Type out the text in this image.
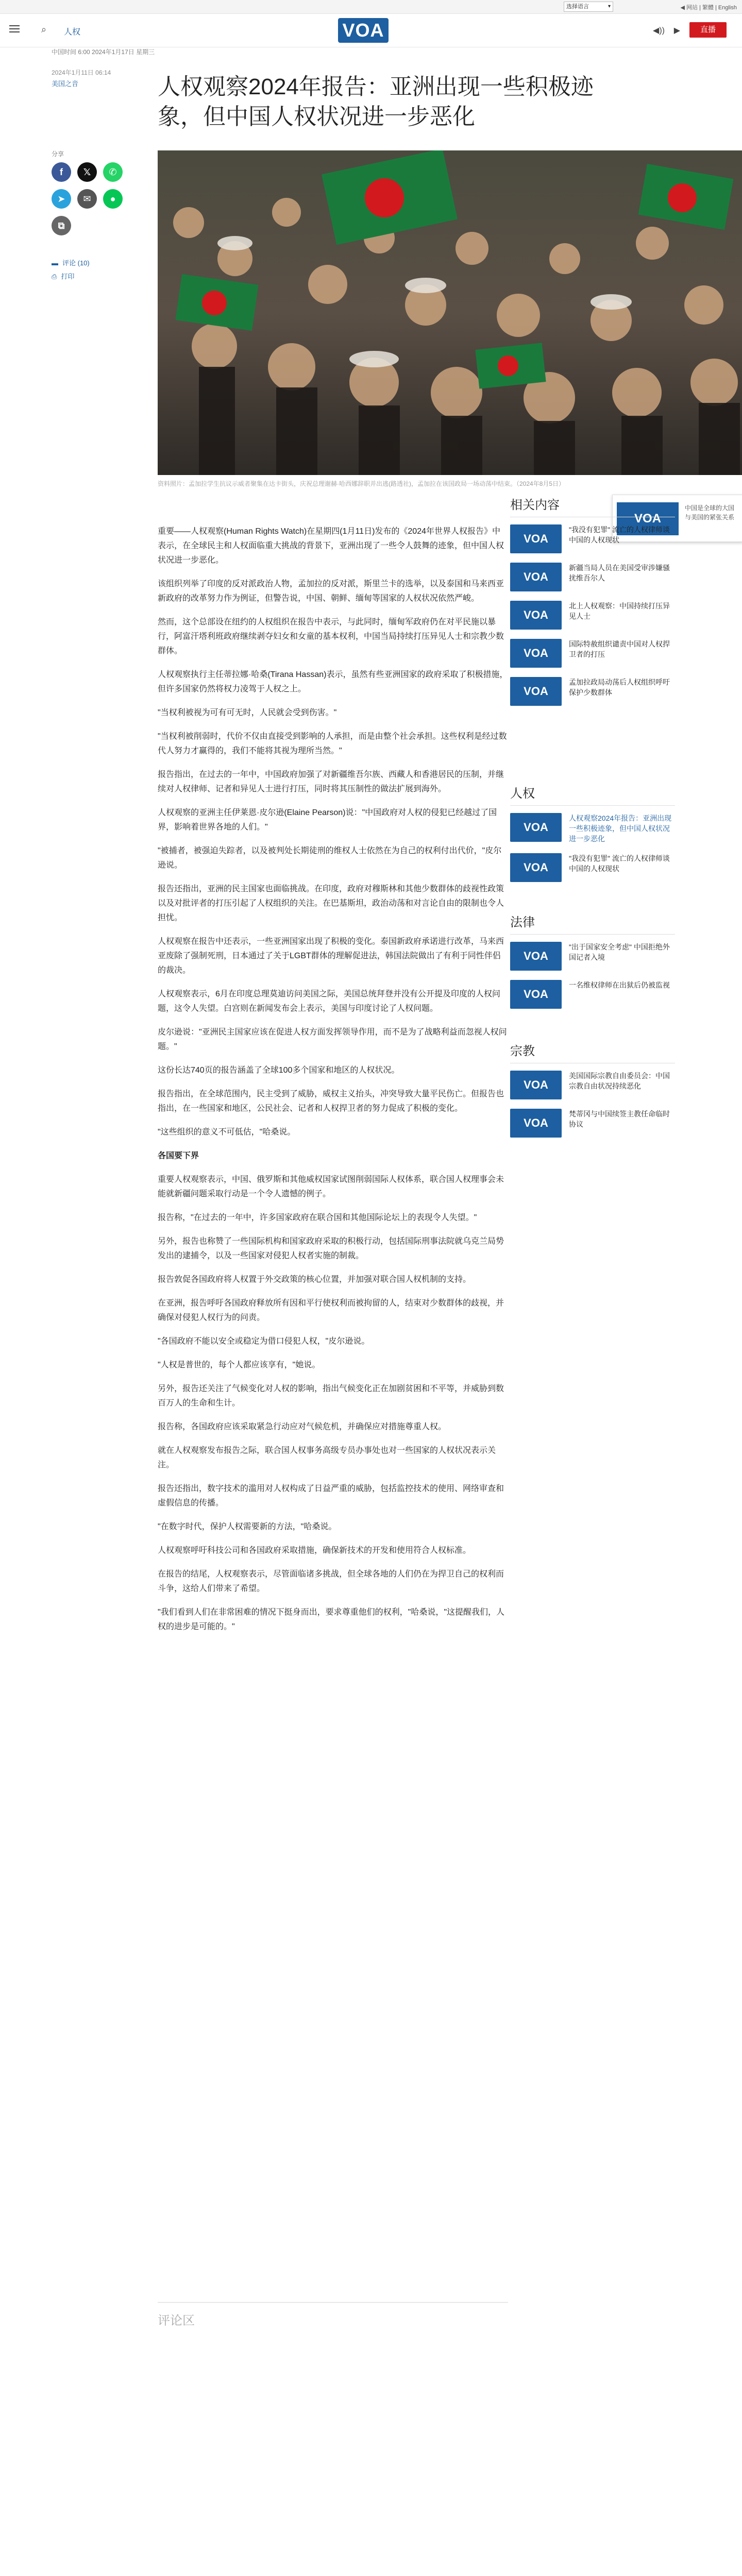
选择语言 ▾	◀ 网站 | 繁體 | English
⌕ 人权	VOA	◀)) ▶	直播
中国时间 6:00 2024年1月17日 星期三
2024年1月11日 06:14
美国之音	人权观察2024年报告：亚洲出现一些积极迹象，但中国人权状况进一步恶化
分享
f	𝕏	✆
➤	✉	●
⧉
▬ 评论 (10)
⎙ 打印
资料照片：孟加拉学生抗议示威者聚集在达卡街头，庆祝总理谢赫·哈西娜辞职并出逃(路透社)，孟加拉在该国政局一场动荡中结束。（2024年8月5日）
VOA
中国是全球的大国与美国的紧张关系

重要——人权观察(Human Rights Watch)在星期四(1月11日)发布的《2024年世界人权报告》中表示，在全球民主和人权面临重大挑战的背景下，亚洲出现了一些令人鼓舞的迹象，但中国人权状况进一步恶化。

该组织列举了印度的反对派政治人物，孟加拉的反对派，斯里兰卡的选举，以及泰国和马来西亚新政府的改革努力作为例证，但警告说，中国、朝鲜、缅甸等国家的人权状况依然严峻。

然而，这个总部设在纽约的人权组织在报告中表示，与此同时，缅甸军政府仍在对平民施以暴行，阿富汗塔利班政府继续剥夺妇女和女童的基本权利，中国当局持续打压异见人士和宗教少数群体。

人权观察执行主任蒂拉娜·哈桑(Tirana Hassan)表示，虽然有些亚洲国家的政府采取了积极措施，但许多国家仍然将权力凌驾于人权之上。

"当权利被视为可有可无时，人民就会受到伤害。"

"当权利被削弱时，代价不仅由直接受到影响的人承担，而是由整个社会承担。这些权利是经过数代人努力才赢得的，我们不能将其视为理所当然。"

报告指出，在过去的一年中，中国政府加强了对新疆维吾尔族、西藏人和香港居民的压制，并继续对人权律师、记者和异见人士进行打压，同时将其压制性的做法扩展到海外。

人权观察的亚洲主任伊莱恩·皮尔逊(Elaine Pearson)说："中国政府对人权的侵犯已经越过了国界，影响着世界各地的人们。"

"被捕者，被强迫失踪者，以及被判处长期徒刑的维权人士依然在为自己的权利付出代价，"皮尔逊说。

报告还指出，亚洲的民主国家也面临挑战。在印度，政府对穆斯林和其他少数群体的歧视性政策以及对批评者的打压引起了人权组织的关注。在巴基斯坦，政治动荡和对言论自由的限制也令人担忧。

人权观察在报告中还表示，一些亚洲国家出现了积极的变化。泰国新政府承诺进行改革，马来西亚废除了强制死刑，日本通过了关于LGBT群体的理解促进法，韩国法院做出了有利于同性伴侣的裁决。

人权观察表示，6月在印度总理莫迪访问美国之际，美国总统拜登并没有公开提及印度的人权问题，这令人失望。白宫则在新闻发布会上表示，美国与印度讨论了人权问题。

皮尔逊说："亚洲民主国家应该在促进人权方面发挥领导作用，而不是为了战略利益而忽视人权问题。"

这份长达740页的报告涵盖了全球100多个国家和地区的人权状况。

报告指出，在全球范围内，民主受到了威胁，威权主义抬头，冲突导致大量平民伤亡。但报告也指出，在一些国家和地区，公民社会、记者和人权捍卫者的努力促成了积极的变化。

"这些组织的意义不可低估，"哈桑说。

各国要下界

重要人权观察表示，中国、俄罗斯和其他威权国家试图削弱国际人权体系，联合国人权理事会未能就新疆问题采取行动是一个令人遗憾的例子。

报告称，"在过去的一年中，许多国家政府在联合国和其他国际论坛上的表现令人失望。"

另外，报告也称赞了一些国际机构和国家政府采取的积极行动，包括国际刑事法院就乌克兰局势发出的逮捕令，以及一些国家对侵犯人权者实施的制裁。

报告敦促各国政府将人权置于外交政策的核心位置，并加强对联合国人权机制的支持。

在亚洲，报告呼吁各国政府释放所有因和平行使权利而被拘留的人，结束对少数群体的歧视，并确保对侵犯人权行为的问责。

"各国政府不能以安全或稳定为借口侵犯人权，"皮尔逊说。

"人权是普世的，每个人都应该享有，"她说。

另外，报告还关注了气候变化对人权的影响，指出气候变化正在加剧贫困和不平等，并威胁到数百万人的生命和生计。

报告称，各国政府应该采取紧急行动应对气候危机，并确保应对措施尊重人权。

就在人权观察发布报告之际，联合国人权事务高级专员办事处也对一些国家的人权状况表示关注。

报告还指出，数字技术的滥用对人权构成了日益严重的威胁，包括监控技术的使用、网络审查和虚假信息的传播。

"在数字时代，保护人权需要新的方法，"哈桑说。

人权观察呼吁科技公司和各国政府采取措施，确保新技术的开发和使用符合人权标准。

在报告的结尾，人权观察表示，尽管面临诸多挑战，但全球各地的人们仍在为捍卫自己的权利而斗争，这给人们带来了希望。

"我们看到人们在非常困难的情况下挺身而出，要求尊重他们的权利，"哈桑说，"这提醒我们，人权的进步是可能的。"

评论区
相关内容
VOA
"我没有犯罪" 流亡的人权律师谈中国的人权现状
VOA
新疆当局人员在美国受审涉嫌骚扰维吾尔人
VOA
北上人权观察：中国持续打压异见人士
VOA
国际特赦组织谴责中国对人权捍卫者的打压
VOA
孟加拉政局动荡后人权组织呼吁保护少数群体
人权
VOA
人权观察2024年报告：亚洲出现一些积极迹象，但中国人权状况进一步恶化
VOA
"我没有犯罪" 流亡的人权律师谈中国的人权现状
法律
VOA
"出于国家安全考虑" 中国拒绝外国记者入境
VOA
一名维权律师在出狱后仍被监视
宗教
VOA
美国国际宗教自由委员会：中国宗教自由状况持续恶化
VOA
梵蒂冈与中国续签主教任命临时协议
